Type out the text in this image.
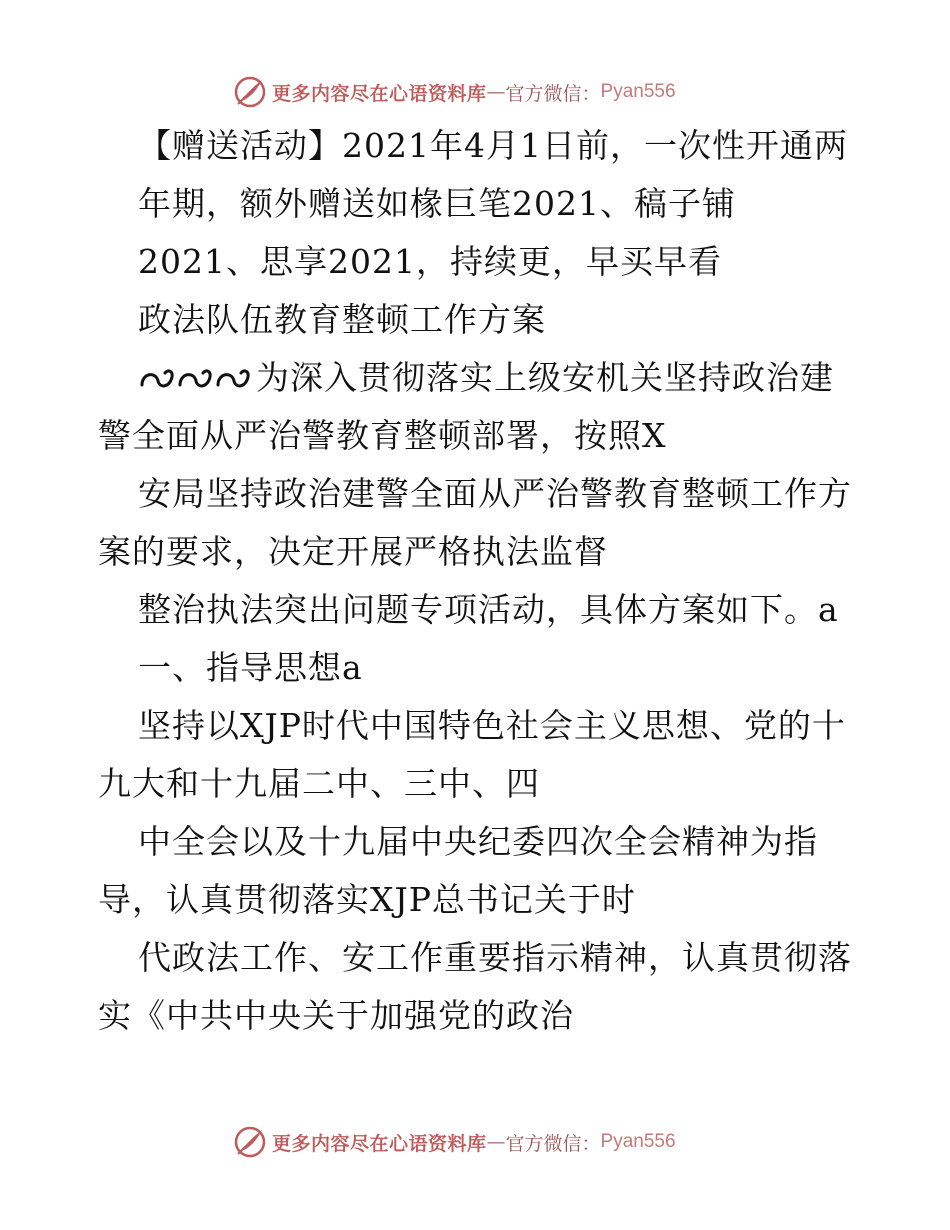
更多内容尽在心语资料库 — 官方微信： Pyan556
【赠送活动】2021年4月1日前，一次性开通两
年期，额外赠送如椽巨笔2021、稿子铺
2021、思享2021，持续更，早买早看
政法队伍教育整顿工作方案
为深入贯彻落实上级安机关坚持政治建
警全面从严治警教育整顿部署，按照X
安局坚持政治建警全面从严治警教育整顿工作方
案的要求，决定开展严格执法监督
整治执法突出问题专项活动，具体方案如下。a
一、指导思想a
坚持以XJP时代中国特色社会主义思想、党的十
九大和十九届二中、三中、四
中全会以及十九届中央纪委四次全会精神为指
导，认真贯彻落实XJP总书记关于时
代政法工作、安工作重要指示精神，认真贯彻落
实《中共中央关于加强党的政治
更多内容尽在心语资料库 — 官方微信： Pyan556
